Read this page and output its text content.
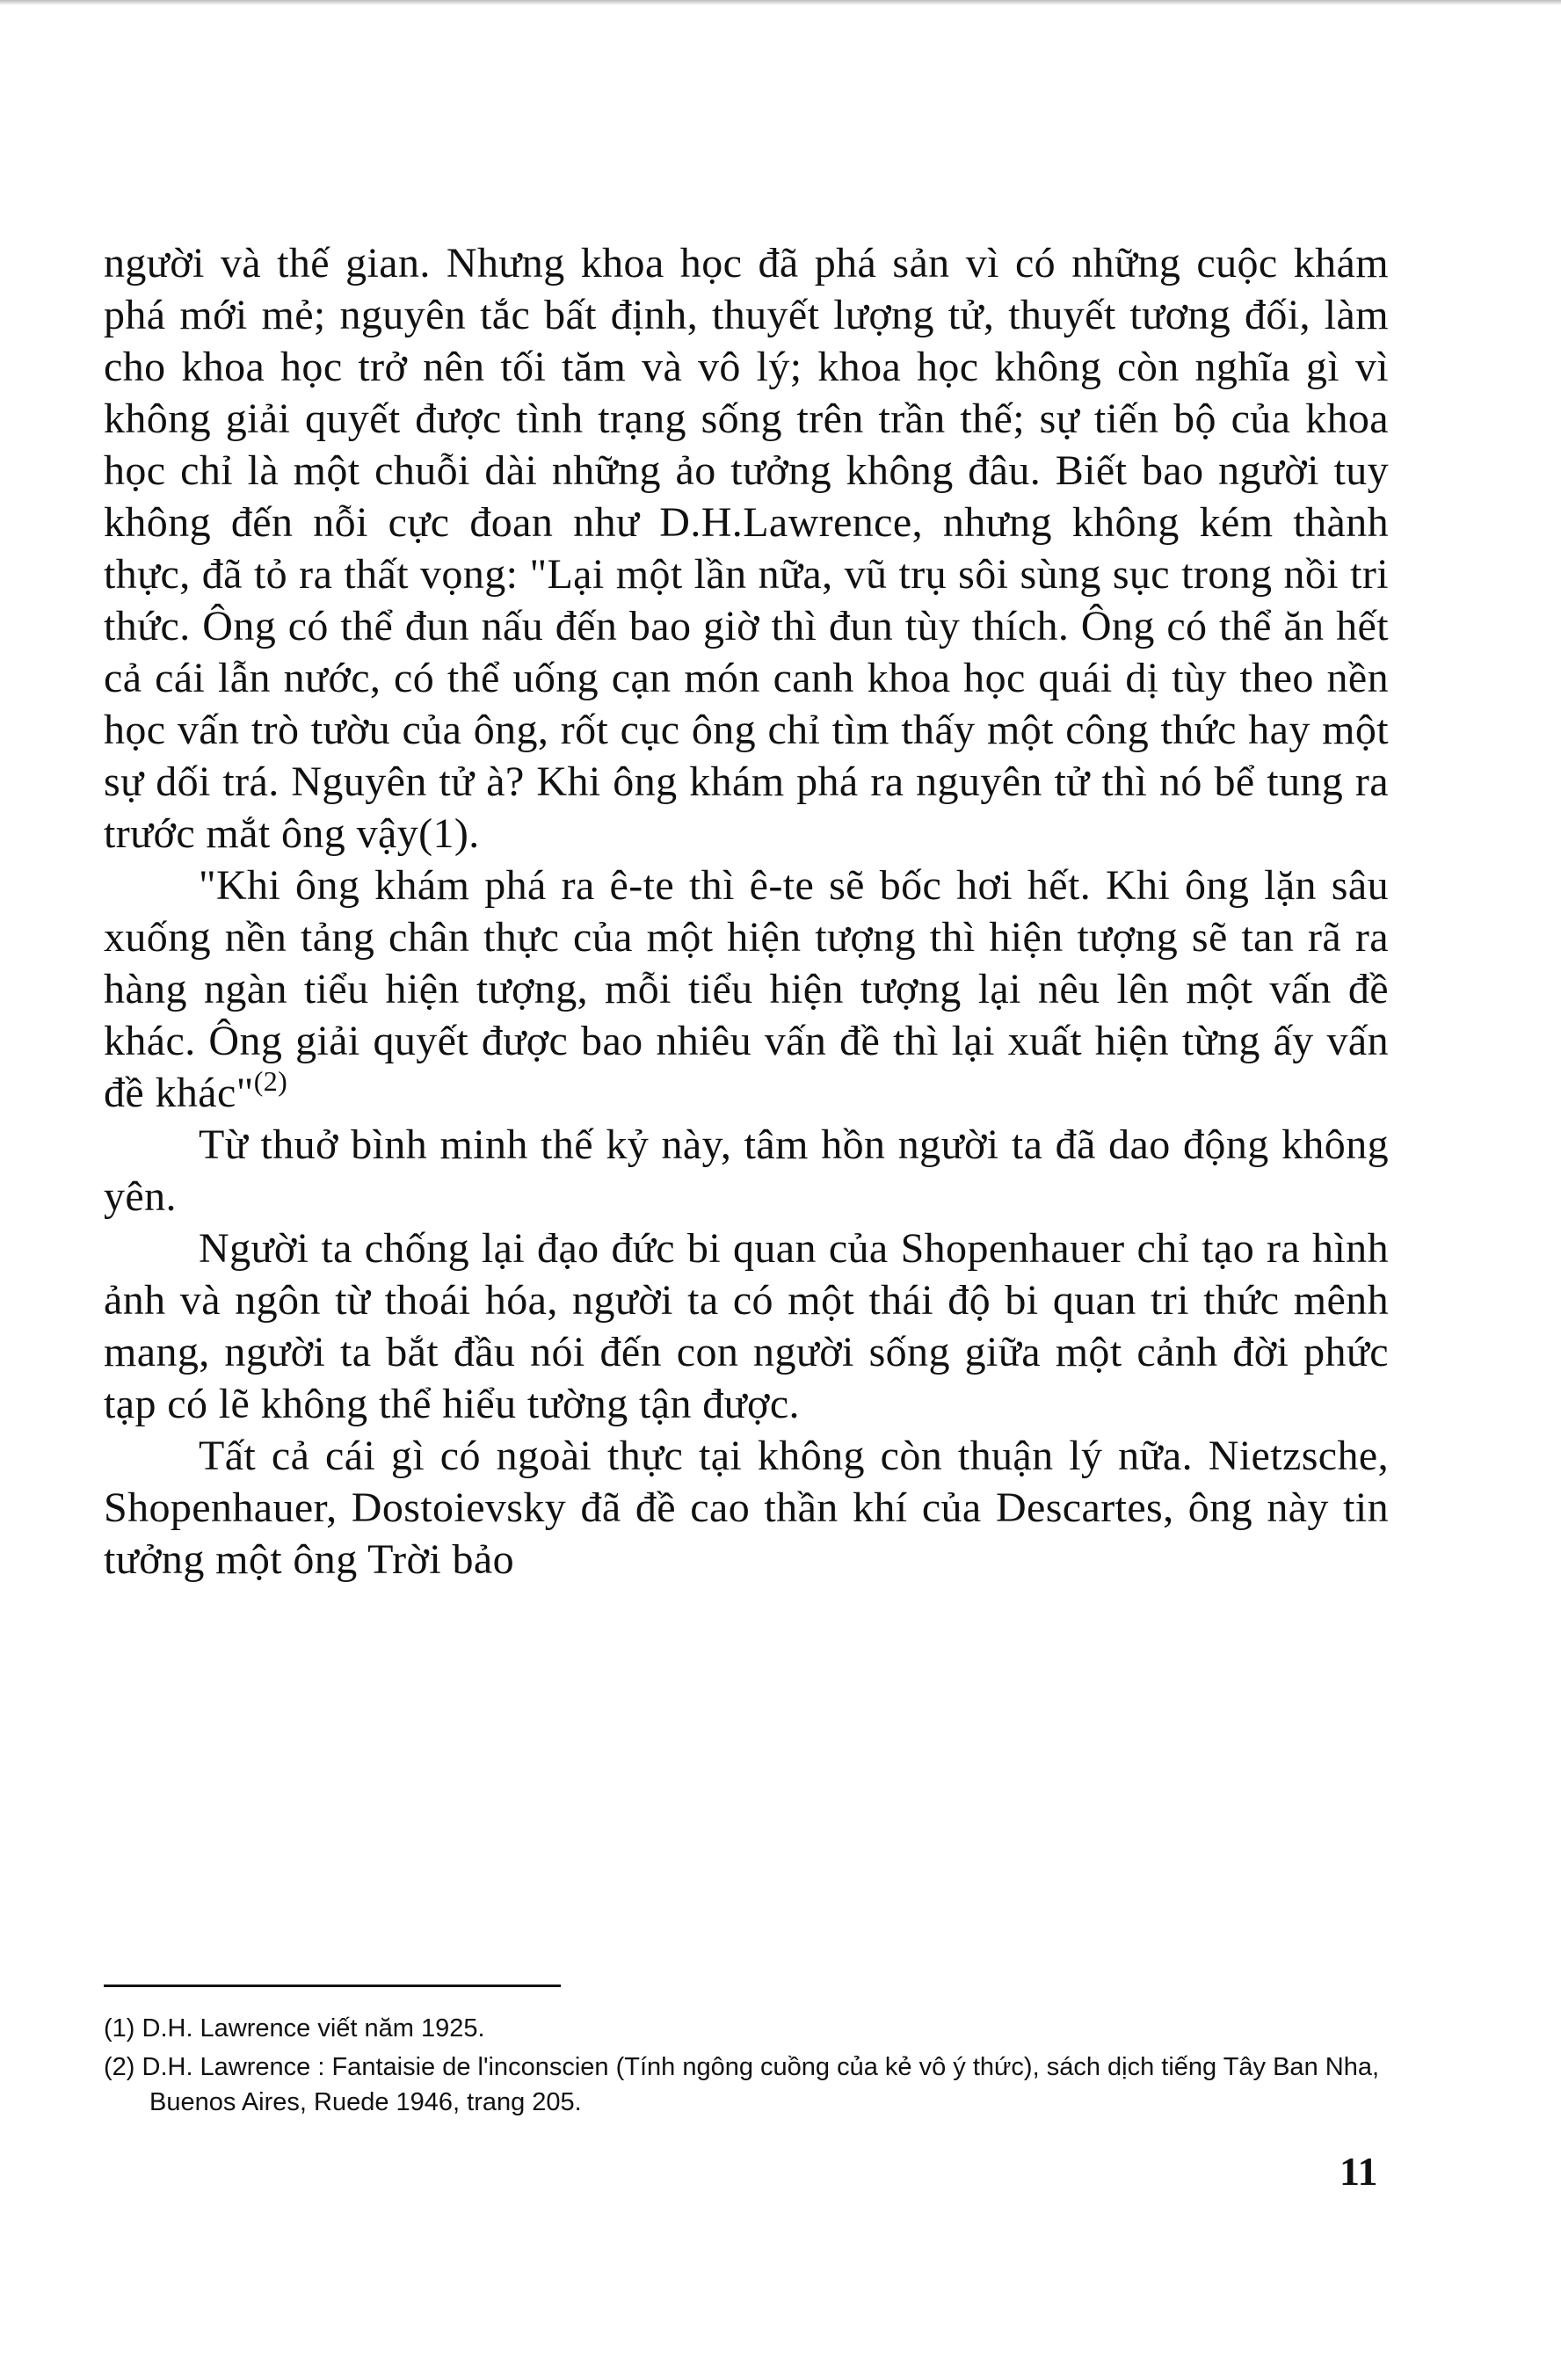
người và thế gian. Nhưng khoa học đã phá sản vì có những cuộc khám phá mới mẻ; nguyên tắc bất định, thuyết lượng tử, thuyết tương đối, làm cho khoa học trở nên tối tăm và vô lý; khoa học không còn nghĩa gì vì không giải quyết được tình trạng sống trên trần thế; sự tiến bộ của khoa học chỉ là một chuỗi dài những ảo tưởng không đâu. Biết bao người tuy không đến nỗi cực đoan như D.H.Lawrence, nhưng không kém thành thực, đã tỏ ra thất vọng: "Lại một lần nữa, vũ trụ sôi sùng sục trong nồi tri thức. Ông có thể đun nấu đến bao giờ thì đun tùy thích. Ông có thể ăn hết cả cái lẫn nước, có thể uống cạn món canh khoa học quái dị tùy theo nền học vấn trò tườu của ông, rốt cục ông chỉ tìm thấy một công thức hay một sự dối trá. Nguyên tử à? Khi ông khám phá ra nguyên tử thì nó bể tung ra trước mắt ông vậy(1).

"Khi ông khám phá ra ê-te thì ê-te sẽ bốc hơi hết. Khi ông lặn sâu xuống nền tảng chân thực của một hiện tượng thì hiện tượng sẽ tan rã ra hàng ngàn tiểu hiện tượng, mỗi tiểu hiện tượng lại nêu lên một vấn đề khác. Ông giải quyết được bao nhiêu vấn đề thì lại xuất hiện từng ấy vấn đề khác"$^{(2)}$

Từ thuở bình minh thế kỷ này, tâm hồn người ta đã dao động không yên.

Người ta chống lại đạo đức bi quan của Shopenhauer chỉ tạo ra hình ảnh và ngôn từ thoái hóa, người ta có một thái độ bi quan tri thức mênh mang, người ta bắt đầu nói đến con người sống giữa một cảnh đời phức tạp có lẽ không thể hiểu tường tận được.

Tất cả cái gì có ngoài thực tại không còn thuận lý nữa. Nietzsche, Shopenhauer, Dostoievsky đã đề cao thần khí của Descartes, ông này tin tưởng một ông Trời bảo

(1) D.H. Lawrence viết năm 1925.

(2) D.H. Lawrence : Fantaisie de l'inconscien (Tính ngông cuồng của kẻ vô ý thức), sách dịch tiếng Tây Ban Nha, Buenos Aires, Ruede 1946, trang 205.

11
